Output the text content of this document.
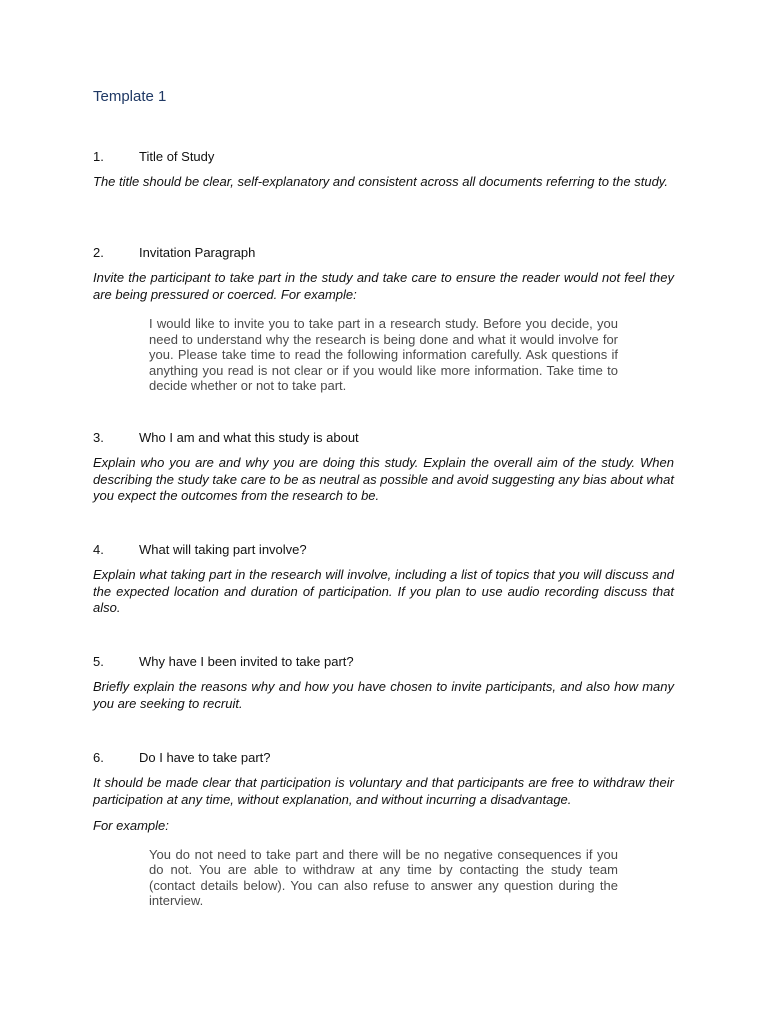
Template 1
1.	Title of Study

The title should be clear, self-explanatory and consistent across all documents referring to the study.

2.	Invitation Paragraph

Invite the participant to take part in the study and take care to ensure the reader would not feel they are being pressured or coerced. For example:

I would like to invite you to take part in a research study. Before you decide, you need to understand why the research is being done and what it would involve for you. Please take time to read the following information carefully. Ask questions if anything you read is not clear or if you would like more information. Take time to decide whether or not to take part.
3.	Who I am and what this study is about

Explain who you are and why you are doing this study. Explain the overall aim of the study. When describing the study take care to be as neutral as possible and avoid suggesting any bias about what you expect the outcomes from the research to be.

4.	What will taking part involve?

Explain what taking part in the research will involve, including a list of topics that you will discuss and the expected location and duration of participation. If you plan to use audio recording discuss that also.

5.	Why have I been invited to take part?

Briefly explain the reasons why and how you have chosen to invite participants, and also how many you are seeking to recruit.

6.	Do I have to take part?

It should be made clear that participation is voluntary and that participants are free to withdraw their participation at any time, without explanation, and without incurring a disadvantage.

For example:

You do not need to take part and there will be no negative consequences if you do not. You are able to withdraw at any time by contacting the study team (contact details below). You can also refuse to answer any question during the interview.
